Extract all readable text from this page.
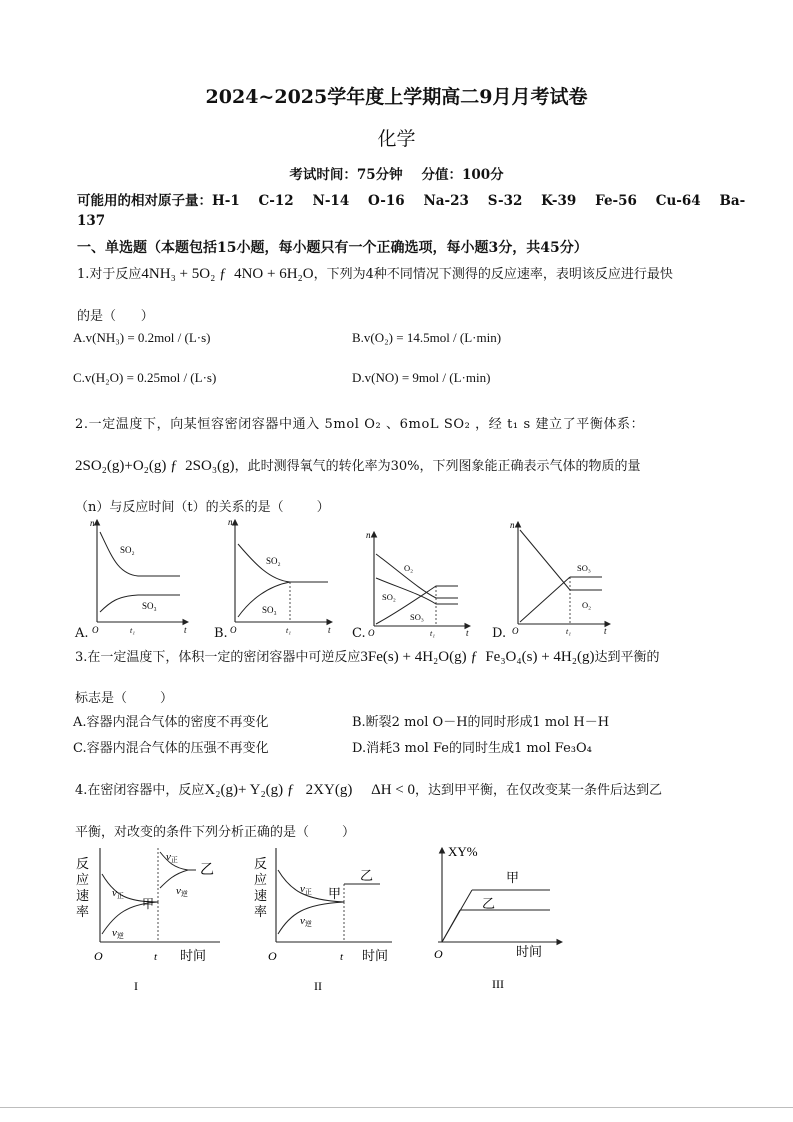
2024~2025学年度上学期高二9月月考试卷
化学
考试时间：75分钟    分值：100分
可能用的相对原子量：H-1    C-12    N-14    O-16    Na-23    S-32    K-39    Fe-56    Cu-64    Ba-
137
一、单选题（本题包括15小题，每小题只有一个正确选项，每小题3分，共45分）
1.对于反应4NH₃ + 5O₂ ƒ  4NO + 6H₂O，下列为4种不同情况下测得的反应速率，表明该反应进行最快
的是（      ）
A.v(NH₃) = 0.2mol / (L·s)	B.v(O₂) = 14.5mol / (L·min)
C.v(H₂O) = 0.25mol / (L·s)	D.v(NO) = 9mol / (L·min)
2.一定温度下，向某恒容密闭容器中通入 5mol O₂ 、6moL SO₂ ，经 t₁ s 建立了平衡体系：
2SO₂(g)+O₂(g) ƒ  2SO₃(g)，此时测得氧气的转化率为30%，下列图象能正确表示气体的物质的量
（n）与反应时间（t）的关系的是（        ）
n
SO₂
SO₃
t₁
O	t
n
SO₂
SO₃
t₁
O	t
n
O₂
SO₂
SO₃
t₁
O	t
n
SO₃
O₂
t₁
O	t
A.	B.	C.	D.
3.在一定温度下，体积一定的密闭容器中可逆反应3Fe(s) + 4H₂O(g) ƒ  Fe₃O₄(s) + 4H₂(g)达到平衡的
标志是（        ）
A.容器内混合气体的密度不再变化	B.断裂2 mol O－H的同时形成1 mol H－H
C.容器内混合气体的压强不再变化	D.消耗3 mol Fe的同时生成1 mol Fe₃O₄
4.在密闭容器中，反应X₂(g)+ Y₂(g) ƒ   2XY(g)     ΔH < 0，达到甲平衡，在仅改变某一条件后达到乙
平衡，对改变的条件下列分析正确的是（        ）
反
应
速
率
v正
v逆
甲
v正
v逆
乙
O	t 时间
I
反
应
速
率
v正
v逆
甲
乙
O	t 时间
II
XY%
甲
乙
O	时间
III
